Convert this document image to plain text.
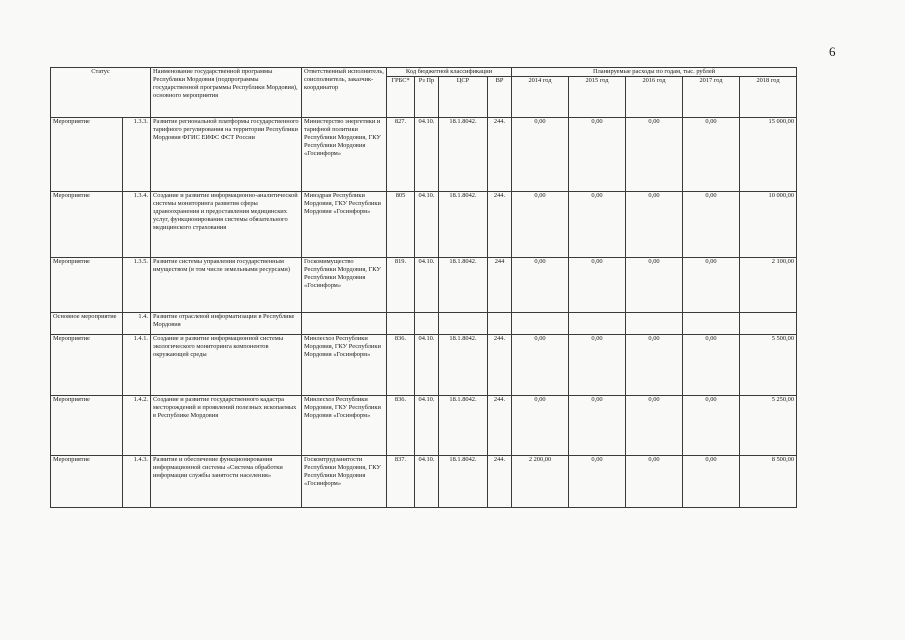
6
Статус		Наименование государственной программы Республики Мордовия (подпрограммы государственной программы Республики Мордовия), основного мероприятия	Ответственный исполнитель, соисполнитель, заказчик-координатор	Код бюджетной классификации				Планируемые расходы по годам, тыс. рублей				
				ГРБС*	Рз Пр	ЦСР	ВР	2014 год	2015 год	2016 год	2017 год	2018 год
Мероприятие	1.3.3.	Развитие региональной платформы государственного тарифного регулирования на территории Республики Мордовия ФГИС ЕИФС ФСТ России	Министерство энергетики и тарифной политики Республики Мордовия, ГКУ Республики Мордовия «Госинформ»	827.	04.10.	18.1.8042.	244.	0,00	0,00	0,00	0,00	15 000,00
Мероприятие	1.3.4.	Создание и развитие информационно-аналитической системы мониторинга развития сферы здравоохранения и предоставления медицинских услуг, функционирования системы обязательного медицинского страхования	Минздрав Республики Мордовия, ГКУ Республики Мордовия «Госинформ»	805	04.10.	18.1.8042.	244.	0,00	0,00	0,00	0,00	10 000,00
Мероприятие	1.3.5.	Развитие системы управления государственным имуществом (в том числе земельными ресурсами)	Госкомимущество Республики Мордовия, ГКУ Республики Мордовия «Госинформ»	819.	04.10.	18.1.8042.	244	0,00	0,00	0,00	0,00	2 100,00
Основное мероприятие	1.4.	Развитие отраслевой информатизации в Республике Мордовия										
Мероприятие	1.4.1.	Создание и развитие информационной системы экологического мониторинга компонентов окружающей среды	Минлесхоз Республики Мордовия, ГКУ Республики Мордовия «Госинформ»	836.	04.10.	18.1.8042.	244.	0,00	0,00	0,00	0,00	5 500,00
Мероприятие	1.4.2.	Создание и развитие государственного кадастра месторождений и проявлений полезных ископаемых в Республике Мордовия	Минлесхоз Республики Мордовия, ГКУ Республики Мордовия «Госинформ»	836.	04.10.	18.1.8042.	244.	0,00	0,00	0,00	0,00	5 250,00
Мероприятие	1.4.3.	Развитие и обеспечение функционирования информационной системы «Система обработки информации службы занятости населения»	Госкомтрудзанятости Республики Мордовия, ГКУ Республики Мордовия «Госинформ»	837.	04.10.	18.1.8042.	244.	2 200,00	0,00	0,00	0,00	8 500,00
